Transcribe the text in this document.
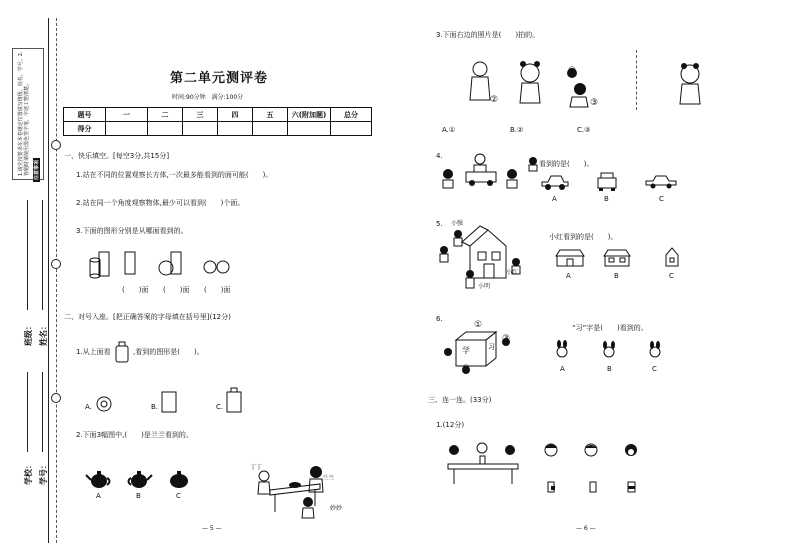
1.请先按要求在本卷规定位置填写班级、姓名、学号。2.答题时请使用黑色签字笔，字迹工整清楚。 注意事项
班级： 姓名：
学校： 学号：
第二单元测评卷
时间:90分钟　满分:100分
题号	一	二	三	四	五	六(附加题)	总分
得分							
一、快乐填空。[每空3分,共15分]
1.站在不同的位置观察长方体,一次最多能看到的面可能(　　)。
2.站在同一个角度观察物体,最少可以看到(　　)个面。
3.下面的图形分别是从哪面看到的。
(　　)面 (　　)面 (　　)面
二、对号入座。[把正确答案的字母填在括号里](12分)
1.从上面看	,看到的图形是(　　)。
A.	B.	C.
2.下面3幅图中,(　　)是兰兰看到的。
A	B	C
丁丁
兰兰
妙妙
— 5 —
3.下面右边的照片是(　　)拍的。
①
②	③
A.①	B.②	C.③
4.
看到的是(　　)。
A	B	C
5. 小强
小红
小明
小红看到的是(　　)。
A	B	C
6.
学	习
①
②
③
“习”字是(　　)看到的。
A	B	C
三、连一连。(33分)
1.(12分)
— 6 —
